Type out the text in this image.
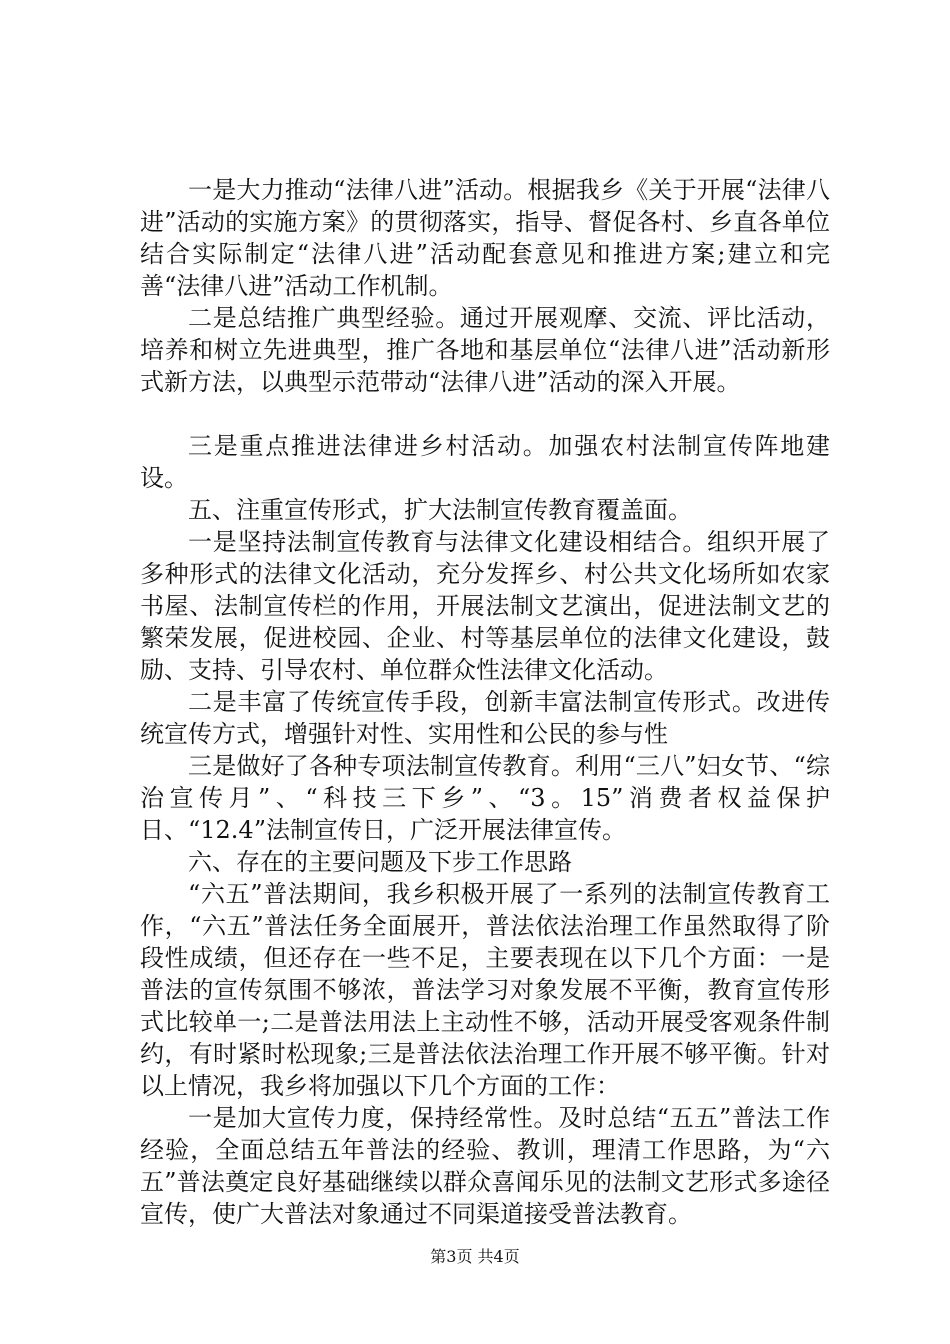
一是大力推动“法律八进”活动。根据我乡《关于开展“法律八进”活动的实施方案》的贯彻落实，指导、督促各村、乡直各单位结合实际制定“法律八进”活动配套意见和推进方案;建立和完善“法律八进”活动工作机制。

二是总结推广典型经验。通过开展观摩、交流、评比活动，培养和树立先进典型，推广各地和基层单位“法律八进”活动新形式新方法，以典型示范带动“法律八进”活动的深入开展。

三是重点推进法律进乡村活动。加强农村法制宣传阵地建设。

五、注重宣传形式，扩大法制宣传教育覆盖面。

一是坚持法制宣传教育与法律文化建设相结合。组织开展了多种形式的法律文化活动，充分发挥乡、村公共文化场所如农家书屋、法制宣传栏的作用，开展法制文艺演出，促进法制文艺的繁荣发展，促进校园、企业、村等基层单位的法律文化建设，鼓励、支持、引导农村、单位群众性法律文化活动。

二是丰富了传统宣传手段，创新丰富法制宣传形式。改进传统宣传方式，增强针对性、实用性和公民的参与性

三是做好了各种专项法制宣传教育。利用“三八”妇女节、“综治宣传月”、“科技三下乡”、“3。15”消费者权益保护日、“12.4”法制宣传日，广泛开展法律宣传。

六、存在的主要问题及下步工作思路

“六五”普法期间，我乡积极开展了一系列的法制宣传教育工作，“六五”普法任务全面展开，普法依法治理工作虽然取得了阶段性成绩，但还存在一些不足，主要表现在以下几个方面：一是普法的宣传氛围不够浓，普法学习对象发展不平衡，教育宣传形式比较单一;二是普法用法上主动性不够，活动开展受客观条件制约，有时紧时松现象;三是普法依法治理工作开展不够平衡。针对以上情况，我乡将加强以下几个方面的工作：

一是加大宣传力度，保持经常性。及时总结“五五”普法工作经验，全面总结五年普法的经验、教训，理清工作思路，为“六五”普法奠定良好基础继续以群众喜闻乐见的法制文艺形式多途径宣传，使广大普法对象通过不同渠道接受普法教育。

第3页 共4页
